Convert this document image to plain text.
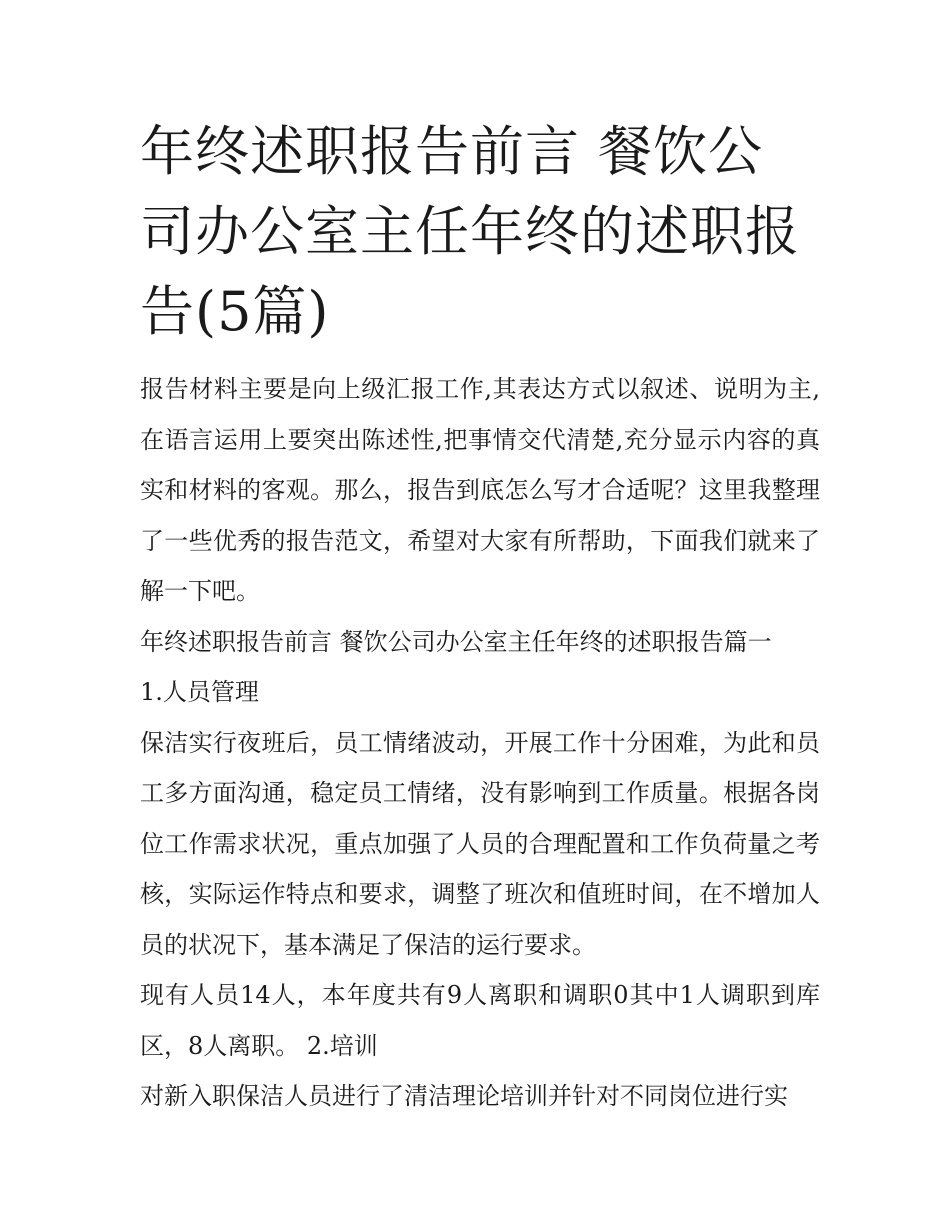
年终述职报告前言 餐饮公司办公室主任年终的述职报告(5篇)

报告材料主要是向上级汇报工作,其表达方式以叙述、说明为主,在语言运用上要突出陈述性,把事情交代清楚,充分显示内容的真实和材料的客观。那么，报告到底怎么写才合适呢？这里我整理了一些优秀的报告范文，希望对大家有所帮助，下面我们就来了解一下吧。

年终述职报告前言 餐饮公司办公室主任年终的述职报告篇一

1.人员管理

保洁实行夜班后，员工情绪波动，开展工作十分困难，为此和员工多方面沟通，稳定员工情绪，没有影响到工作质量。根据各岗位工作需求状况，重点加强了人员的合理配置和工作负荷量之考核，实际运作特点和要求，调整了班次和值班时间，在不增加人员的状况下，基本满足了保洁的运行要求。

现有人员14人，本年度共有9人离职和调职0其中1人调职到库区，8人离职。 2.培训

对新入职保洁人员进行了清洁理论培训并针对不同岗位进行实
